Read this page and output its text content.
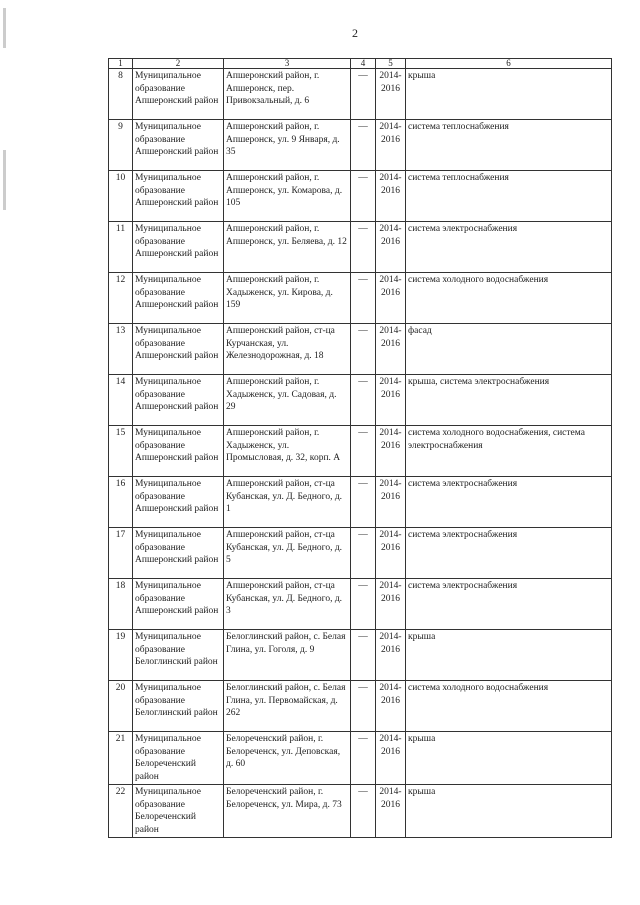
2
1	2	3	4	5	6
8	Муниципальное образование Апшеронский район	Апшеронский район, г. Апшеронск, пер. Привокзальный, д. 6	—	2014-2016	крыша
9	Муниципальное образование Апшеронский район	Апшеронский район, г. Апшеронск, ул. 9 Января, д. 35	—	2014-2016	система теплоснабжения
10	Муниципальное образование Апшеронский район	Апшеронский район, г. Апшеронск, ул. Комарова, д. 105	—	2014-2016	система теплоснабжения
11	Муниципальное образование Апшеронский район	Апшеронский район, г. Апшеронск, ул. Беляева, д. 12	—	2014-2016	система электроснабжения
12	Муниципальное образование Апшеронский район	Апшеронский район, г. Хадыженск, ул. Кирова, д. 159	—	2014-2016	система холодного водоснабжения
13	Муниципальное образование Апшеронский район	Апшеронский район, ст-ца Курчанская, ул. Железнодорожная, д. 18	—	2014-2016	фасад
14	Муниципальное образование Апшеронский район	Апшеронский район, г. Хадыженск, ул. Садовая, д. 29	—	2014-2016	крыша, система электроснабжения
15	Муниципальное образование Апшеронский район	Апшеронский район, г. Хадыженск, ул. Промысловая, д. 32, корп. А	—	2014-2016	система холодного водоснабжения, система электроснабжения
16	Муниципальное образование Апшеронский район	Апшеронский район, ст-ца Кубанская, ул. Д. Бедного, д. 1	—	2014-2016	система электроснабжения
17	Муниципальное образование Апшеронский район	Апшеронский район, ст-ца Кубанская, ул. Д. Бедного, д. 5	—	2014-2016	система электроснабжения
18	Муниципальное образование Апшеронский район	Апшеронский район, ст-ца Кубанская, ул. Д. Бедного, д. 3	—	2014-2016	система электроснабжения
19	Муниципальное образование Белоглинский район	Белоглинский район, с. Белая Глина, ул. Гоголя, д. 9	—	2014-2016	крыша
20	Муниципальное образование Белоглинский район	Белоглинский район, с. Белая Глина, ул. Первомайская, д. 262	—	2014-2016	система холодного водоснабжения
21	Муниципальное образование Белореченский район	Белореченский район, г. Белореченск, ул. Деповская, д. 60	—	2014-2016	крыша
22	Муниципальное образование Белореченский район	Белореченский район, г. Белореченск, ул. Мира, д. 73	—	2014-2016	крыша
